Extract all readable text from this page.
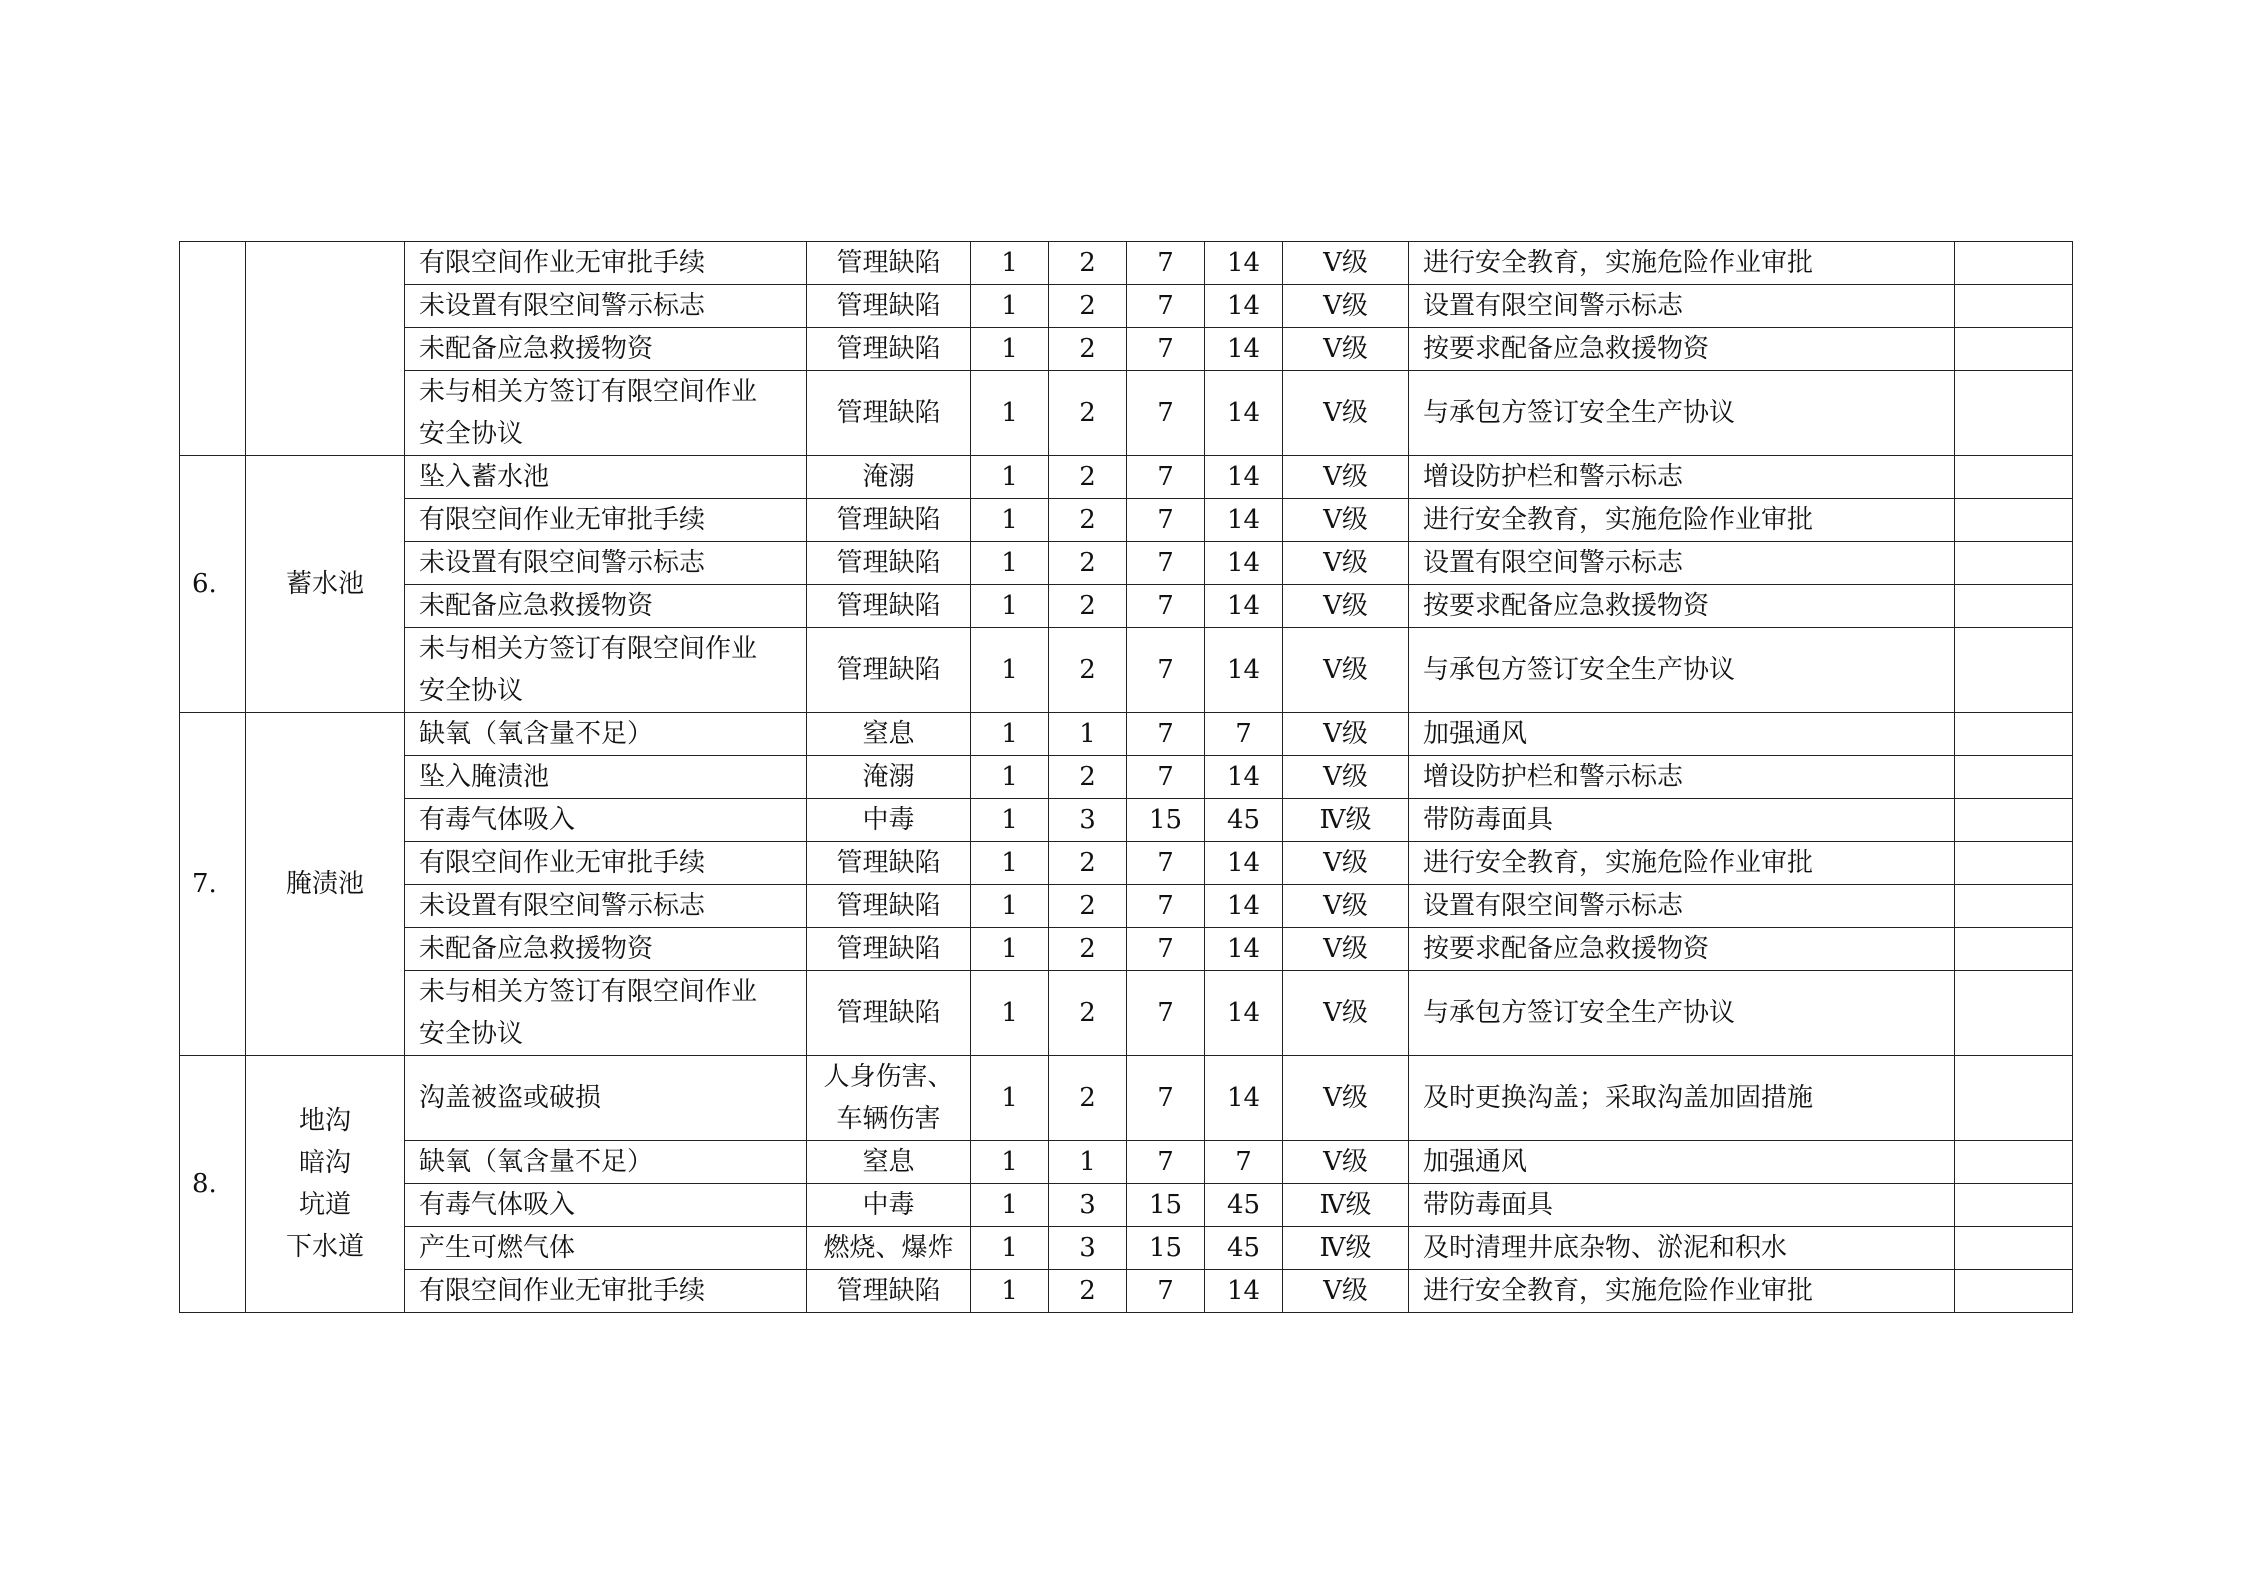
		有限空间作业无审批手续	管理缺陷	1	2	7	14	Ⅴ级	进行安全教育，实施危险作业审批	

		未设置有限空间警示标志	管理缺陷	1	2	7	14	Ⅴ级	设置有限空间警示标志	

		未配备应急救援物资	管理缺陷	1	2	7	14	Ⅴ级	按要求配备应急救援物资	

		未与相关方签订有限空间作业
安全协议	管理缺陷	1	2	7	14	Ⅴ级	与承包方签订安全生产协议	
6.	蓄水池	坠入蓄水池	淹溺	1	2	7	14	Ⅴ级	增设防护栏和警示标志	

		有限空间作业无审批手续	管理缺陷	1	2	7	14	Ⅴ级	进行安全教育，实施危险作业审批	

		未设置有限空间警示标志	管理缺陷	1	2	7	14	Ⅴ级	设置有限空间警示标志	

		未配备应急救援物资	管理缺陷	1	2	7	14	Ⅴ级	按要求配备应急救援物资	

		未与相关方签订有限空间作业
安全协议	管理缺陷	1	2	7	14	Ⅴ级	与承包方签订安全生产协议	
7.	腌渍池	缺氧（氧含量不足）	窒息	1	1	7	7	Ⅴ级	加强通风	

		坠入腌渍池	淹溺	1	2	7	14	Ⅴ级	增设防护栏和警示标志	

		有毒气体吸入	中毒	1	3	15	45	Ⅳ级	带防毒面具	

		有限空间作业无审批手续	管理缺陷	1	2	7	14	Ⅴ级	进行安全教育，实施危险作业审批	

		未设置有限空间警示标志	管理缺陷	1	2	7	14	Ⅴ级	设置有限空间警示标志	

		未配备应急救援物资	管理缺陷	1	2	7	14	Ⅴ级	按要求配备应急救援物资	

		未与相关方签订有限空间作业
安全协议	管理缺陷	1	2	7	14	Ⅴ级	与承包方签订安全生产协议	
8.	地沟
暗沟
坑道
下水道	沟盖被盗或破损	人身伤害、
车辆伤害	1	2	7	14	Ⅴ级	及时更换沟盖；采取沟盖加固措施	

		缺氧（氧含量不足）	窒息	1	1	7	7	Ⅴ级	加强通风	

		有毒气体吸入	中毒	1	3	15	45	Ⅳ级	带防毒面具	

		产生可燃气体	燃烧、爆炸	1	3	15	45	Ⅳ级	及时清理井底杂物、淤泥和积水	

		有限空间作业无审批手续	管理缺陷	1	2	7	14	Ⅴ级	进行安全教育，实施危险作业审批	
